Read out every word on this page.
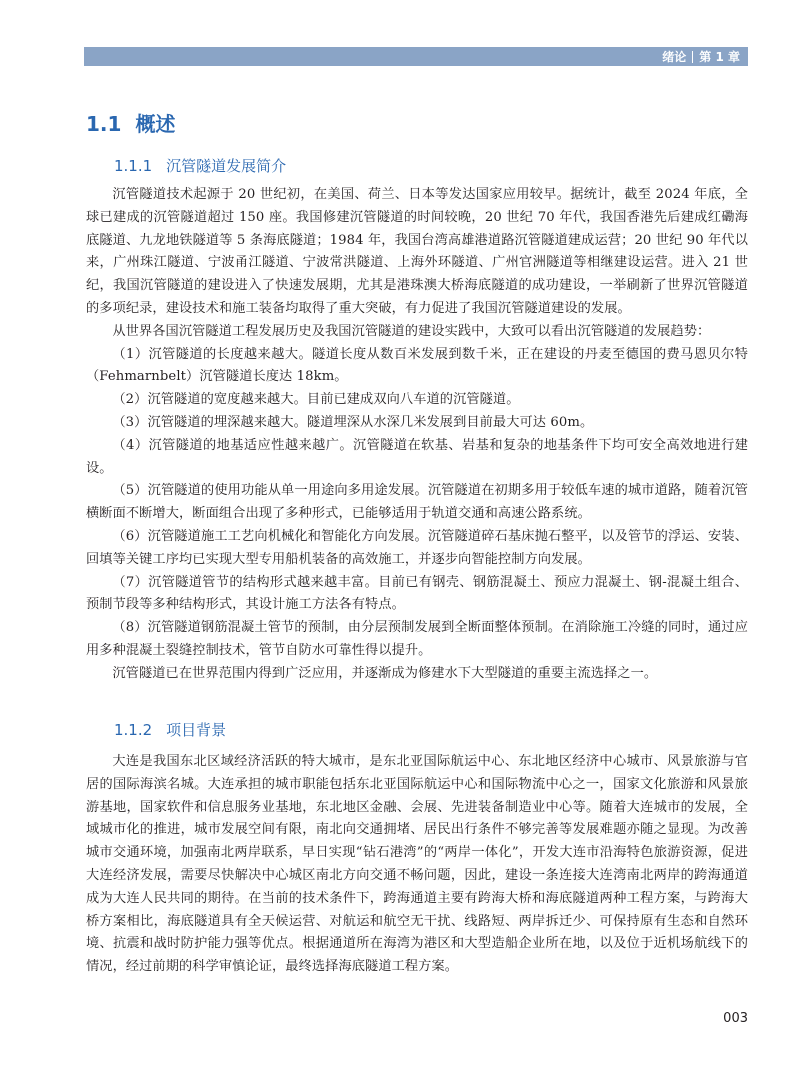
绪论 第 1 章
1.1 概述
1.1.1 沉管隧道发展简介

沉管隧道技术起源于 20 世纪初，在美国、荷兰、日本等发达国家应用较早。据统计，截至 2024 年底，全球已建成的沉管隧道超过 150 座。我国修建沉管隧道的时间较晚，20 世纪 70 年代，我国香港先后建成红磡海底隧道、九龙地铁隧道等 5 条海底隧道；1984 年，我国台湾高雄港道路沉管隧道建成运营；20 世纪 90 年代以来，广州珠江隧道、宁波甬江隧道、宁波常洪隧道、上海外环隧道、广州官洲隧道等相继建设运营。进入 21 世纪，我国沉管隧道的建设进入了快速发展期，尤其是港珠澳大桥海底隧道的成功建设，一举刷新了世界沉管隧道的多项纪录，建设技术和施工装备均取得了重大突破，有力促进了我国沉管隧道建设的发展。

从世界各国沉管隧道工程发展历史及我国沉管隧道的建设实践中，大致可以看出沉管隧道的发展趋势：

（1）沉管隧道的长度越来越大。隧道长度从数百米发展到数千米，正在建设的丹麦至德国的费马恩贝尔特（Fehmarnbelt）沉管隧道长度达 18km。

（2）沉管隧道的宽度越来越大。目前已建成双向八车道的沉管隧道。

（3）沉管隧道的埋深越来越大。隧道埋深从水深几米发展到目前最大可达 60m。

（4）沉管隧道的地基适应性越来越广。沉管隧道在软基、岩基和复杂的地基条件下均可安全高效地进行建设。

（5）沉管隧道的使用功能从单一用途向多用途发展。沉管隧道在初期多用于较低车速的城市道路，随着沉管横断面不断增大，断面组合出现了多种形式，已能够适用于轨道交通和高速公路系统。

（6）沉管隧道施工工艺向机械化和智能化方向发展。沉管隧道碎石基床抛石整平，以及管节的浮运、安装、回填等关键工序均已实现大型专用船机装备的高效施工，并逐步向智能控制方向发展。

（7）沉管隧道管节的结构形式越来越丰富。目前已有钢壳、钢筋混凝土、预应力混凝土、钢-混凝土组合、预制节段等多种结构形式，其设计施工方法各有特点。

（8）沉管隧道钢筋混凝土管节的预制，由分层预制发展到全断面整体预制。在消除施工冷缝的同时，通过应用多种混凝土裂缝控制技术，管节自防水可靠性得以提升。

沉管隧道已在世界范围内得到广泛应用，并逐渐成为修建水下大型隧道的重要主流选择之一。

1.1.2 项目背景

大连是我国东北区域经济活跃的特大城市，是东北亚国际航运中心、东北地区经济中心城市、风景旅游与官居的国际海滨名城。大连承担的城市职能包括东北亚国际航运中心和国际物流中心之一，国家文化旅游和风景旅游基地，国家软件和信息服务业基地，东北地区金融、会展、先进装备制造业中心等。随着大连城市的发展，全域城市化的推进，城市发展空间有限，南北向交通拥堵、居民出行条件不够完善等发展难题亦随之显现。为改善城市交通环境，加强南北两岸联系，早日实现“钻石港湾”的“两岸一体化”，开发大连市沿海特色旅游资源，促进大连经济发展，需要尽快解决中心城区南北方向交通不畅问题，因此，建设一条连接大连湾南北两岸的跨海通道成为大连人民共同的期待。在当前的技术条件下，跨海通道主要有跨海大桥和海底隧道两种工程方案，与跨海大桥方案相比，海底隧道具有全天候运营、对航运和航空无干扰、线路短、两岸拆迁少、可保持原有生态和自然环境、抗震和战时防护能力强等优点。根据通道所在海湾为港区和大型造船企业所在地，以及位于近机场航线下的情况，经过前期的科学审慎论证，最终选择海底隧道工程方案。

003
